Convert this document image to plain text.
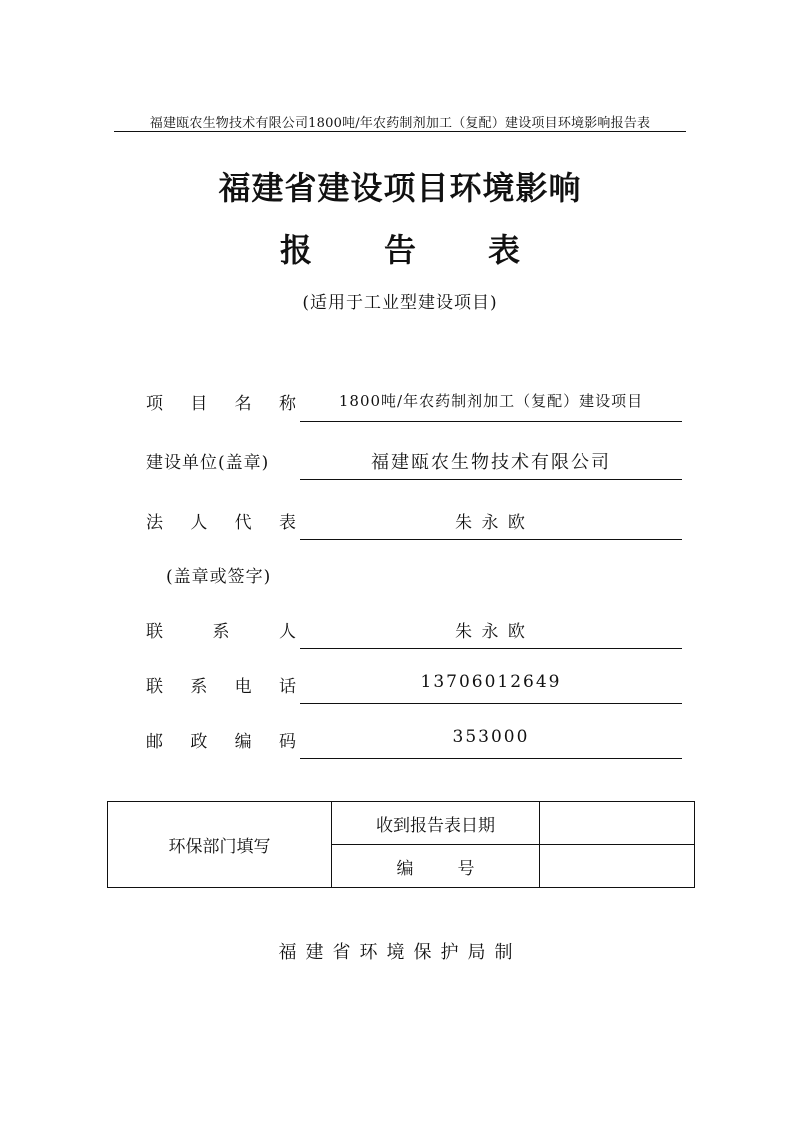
福建瓯农生物技术有限公司1800吨/年农药制剂加工（复配）建设项目环境影响报告表
福建省建设项目环境影响
报 告 表
(适用于工业型建设项目)
项 目 名 称	1800吨/年农药制剂加工（复配）建设项目
建设单位(盖章)	福建瓯农生物技术有限公司
法 人 代 表	朱 永 欧
(盖章或签字)
联	系	人	朱 永 欧
联 系 电 话	13706012649
邮 政 编 码	353000
环保部门填写	收到报告表日期	
	编 号	
福建省环境保护局制
